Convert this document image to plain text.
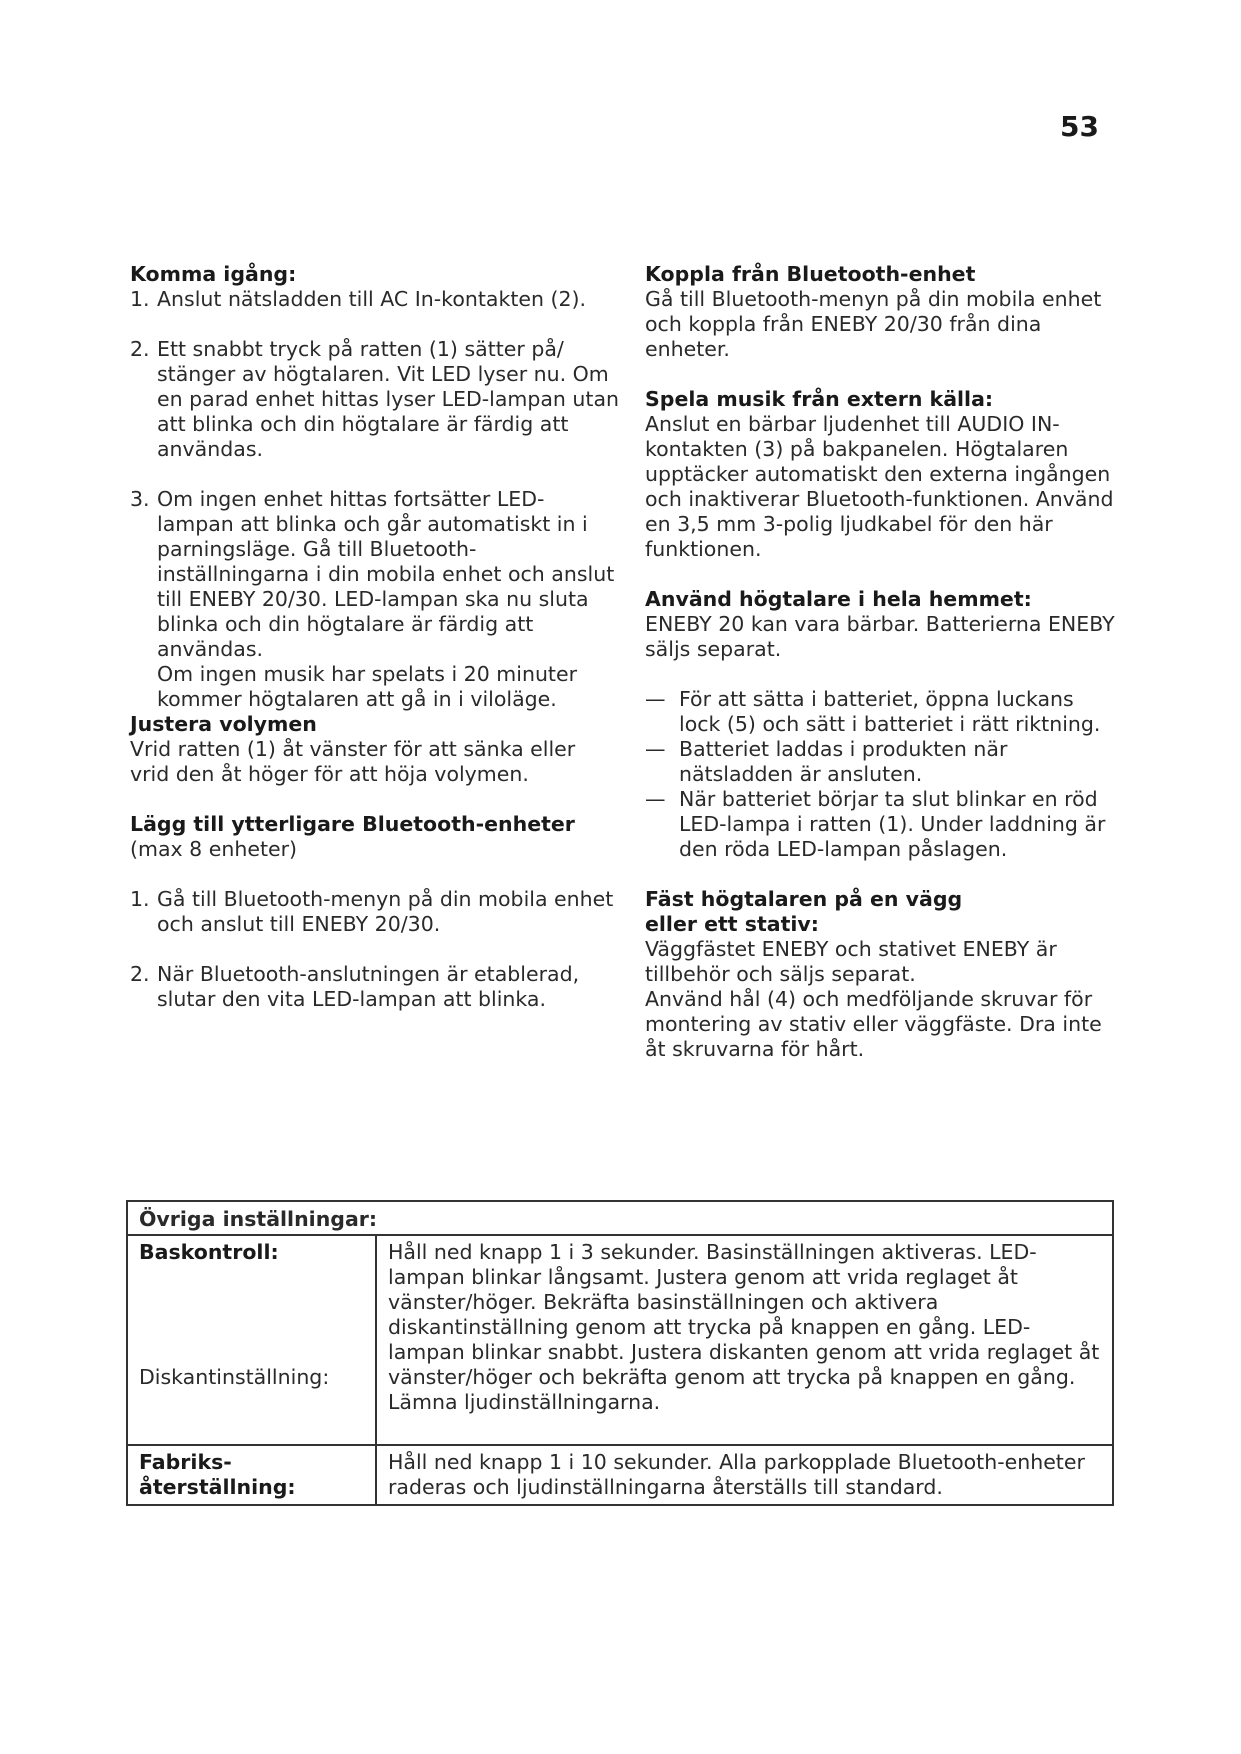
53
Komma igång:
1. Anslut nätsladden till AC In-kontakten (2).
2. Ett snabbt tryck på ratten (1) sätter på/ stänger av högtalaren. Vit LED lyser nu. Om en parad enhet hittas lyser LED-lampan utan att blinka och din högtalare är färdig att användas.
3. Om ingen enhet hittas fortsätter LED-lampan att blinka och går automatiskt in i parningsläge. Gå till Bluetooth-inställningarna i din mobila enhet och anslut till ENEBY 20/30. LED-lampan ska nu sluta blinka och din högtalare är färdig att användas.
Om ingen musik har spelats i 20 minuter kommer högtalaren att gå in i viloläge.
Justera volymen
Vrid ratten (1) åt vänster för att sänka eller vrid den åt höger för att höja volymen.
Lägg till ytterligare Bluetooth-enheter
(max 8 enheter)
1. Gå till Bluetooth-menyn på din mobila enhet och anslut till ENEBY 20/30.
2. När Bluetooth-anslutningen är etablerad, slutar den vita LED-lampan att blinka.
Koppla från Bluetooth-enhet
Gå till Bluetooth-menyn på din mobila enhet och koppla från ENEBY 20/30 från dina enheter.
Spela musik från extern källa:
Anslut en bärbar ljudenhet till AUDIO IN-kontakten (3) på bakpanelen. Högtalaren upptäcker automatiskt den externa ingången och inaktiverar Bluetooth-funktionen. Använd en 3,5 mm 3-polig ljudkabel för den här funktionen.
Använd högtalare i hela hemmet:
ENEBY 20 kan vara bärbar. Batterierna ENEBY säljs separat.
— För att sätta i batteriet, öppna luckans lock (5) och sätt i batteriet i rätt riktning.
— Batteriet laddas i produkten när nätsladden är ansluten.
— När batteriet börjar ta slut blinkar en röd LED-lampa i ratten (1). Under laddning är den röda LED-lampan påslagen.
Fäst högtalaren på en vägg
eller ett stativ:
Väggfästet ENEBY och stativet ENEBY är tillbehör och säljs separat.
Använd hål (4) och medföljande skruvar för montering av stativ eller väggfäste. Dra inte åt skruvarna för hårt.
Övriga inställningar:	

Baskontroll:
Diskantinställning:	Håll ned knapp 1 i 3 sekunder. Basinställningen aktiveras. LED-lampan blinkar långsamt. Justera genom att vrida reglaget åt vänster/höger. Bekräfta basinställningen och aktivera diskantinställning genom att trycka på knappen en gång. LED-lampan blinkar snabbt. Justera diskanten genom att vrida reglaget åt vänster/höger och bekräfta genom att trycka på knappen en gång. Lämna ljudinställningarna.

Fabriks-
återställning:	Håll ned knapp 1 i 10 sekunder. Alla parkopplade Bluetooth-enheter raderas och ljudinställningarna återställs till standard.
